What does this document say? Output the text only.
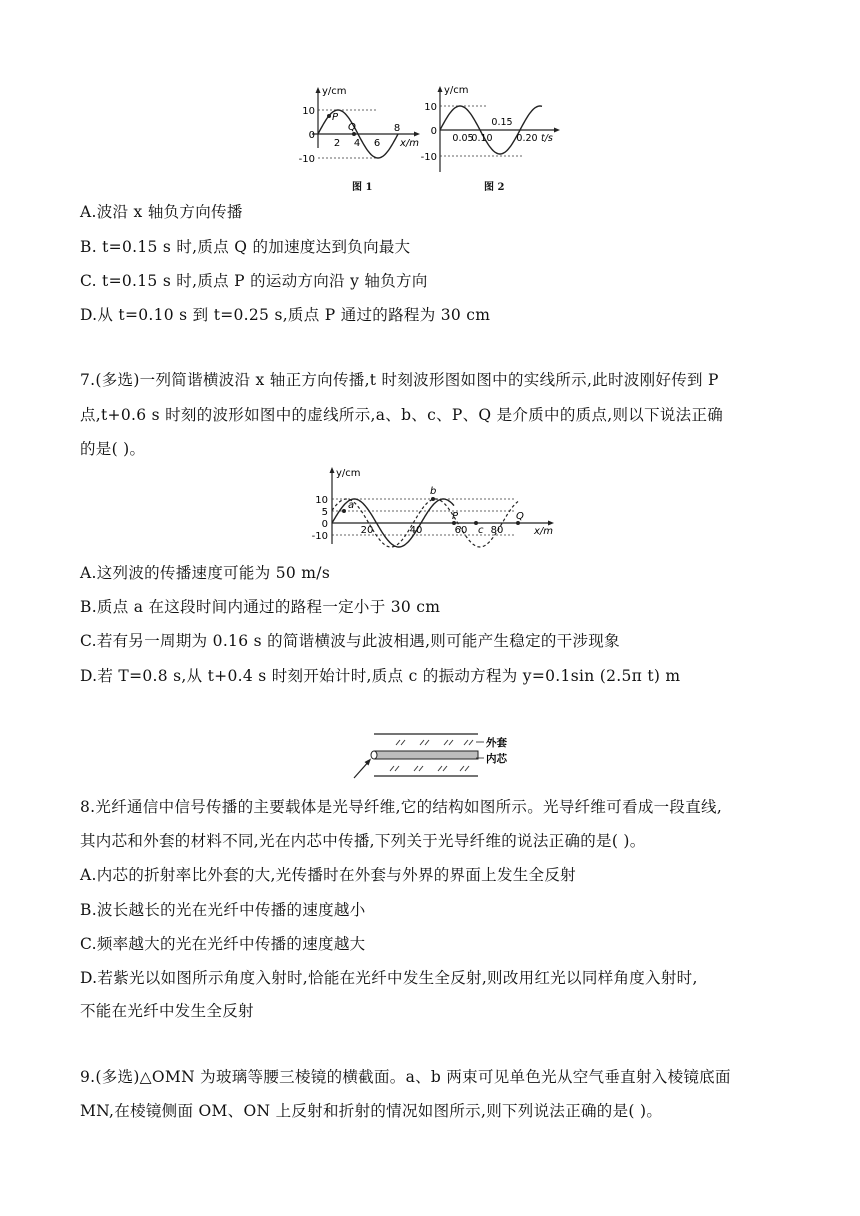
y/cm
x/m
10
0
-10
2 4 6
8
P
Q
图 1
y/cm
10
0
-10
0.05
0.10
0.15
0.20 t/s
图 2
A.波沿 x 轴负方向传播
B. t=0.15 s 时,质点 Q 的加速度达到负向最大
C. t=0.15 s 时,质点 P 的运动方向沿 y 轴负方向
D.从 t=0.10 s 到 t=0.25 s,质点 P 通过的路程为 30 cm
7.(多选)一列简谐横波沿 x 轴正方向传播,t 时刻波形图如图中的实线所示,此时波刚好传到 P
点,t+0.6 s 时刻的波形如图中的虚线所示,a、b、c、P、Q 是介质中的质点,则以下说法正确
的是( )。
y/cm
x/m
10
5
0
-10
20	40	60 80
a
b
P
c
Q
A.这列波的传播速度可能为 50 m/s
B.质点 a 在这段时间内通过的路程一定小于 30 cm
C.若有另一周期为 0.16 s 的简谐横波与此波相遇,则可能产生稳定的干涉现象
D.若 T=0.8 s,从 t+0.4 s 时刻开始计时,质点 c 的振动方程为 y=0.1sin (2.5π t) m
外套
内芯
8.光纤通信中信号传播的主要载体是光导纤维,它的结构如图所示。光导纤维可看成一段直线,
其内芯和外套的材料不同,光在内芯中传播,下列关于光导纤维的说法正确的是( )。
A.内芯的折射率比外套的大,光传播时在外套与外界的界面上发生全反射
B.波长越长的光在光纤中传播的速度越小
C.频率越大的光在光纤中传播的速度越大
D.若紫光以如图所示角度入射时,恰能在光纤中发生全反射,则改用红光以同样角度入射时,
不能在光纤中发生全反射
9.(多选)△OMN 为玻璃等腰三棱镜的横截面。a、b 两束可见单色光从空气垂直射入棱镜底面
MN,在棱镜侧面 OM、ON 上反射和折射的情况如图所示,则下列说法正确的是( )。
